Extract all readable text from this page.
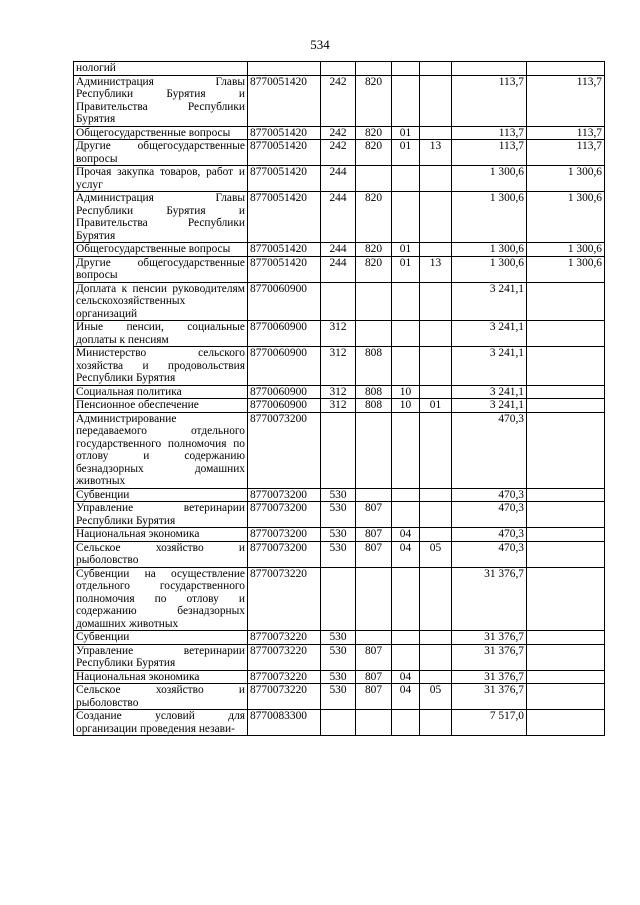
534
нологий							
Администрация Главы Республики Бурятия и Правительства Республики Бурятия	8770051420	242	820			113,7	113,7
Общегосударственные вопросы	8770051420	242	820	01		113,7	113,7
Другие общегосударственные вопросы	8770051420	242	820	01	13	113,7	113,7
Прочая закупка товаров, работ и услуг	8770051420	244				1 300,6	1 300,6
Администрация Главы Республики Бурятия и Правительства Республики Бурятия	8770051420	244	820			1 300,6	1 300,6
Общегосударственные вопросы	8770051420	244	820	01		1 300,6	1 300,6
Другие общегосударственные вопросы	8770051420	244	820	01	13	1 300,6	1 300,6
Доплата к пенсии руководителям сельскохозяйственных организаций	8770060900					3 241,1	
Иные пенсии, социальные доплаты к пенсиям	8770060900	312				3 241,1	
Министерство сельского хозяйства и продовольствия Республики Бурятия	8770060900	312	808			3 241,1	
Социальная политика	8770060900	312	808	10		3 241,1	
Пенсионное обеспечение	8770060900	312	808	10	01	3 241,1	
Администрирование передаваемого отдельного государственного полномочия по отлову и содержанию безнадзорных домашних животных	8770073200					470,3	
Субвенции	8770073200	530				470,3	
Управление ветеринарии Республики Бурятия	8770073200	530	807			470,3	
Национальная экономика	8770073200	530	807	04		470,3	
Сельское хозяйство и рыболовство	8770073200	530	807	04	05	470,3	
Субвенции на осуществление отдельного государственного полномочия по отлову и содержанию безнадзорных домашних животных	8770073220					31 376,7	
Субвенции	8770073220	530				31 376,7	
Управление ветеринарии Республики Бурятия	8770073220	530	807			31 376,7	
Национальная экономика	8770073220	530	807	04		31 376,7	
Сельское хозяйство и рыболовство	8770073220	530	807	04	05	31 376,7	
Создание условий для организации проведения незави-	8770083300					7 517,0	
